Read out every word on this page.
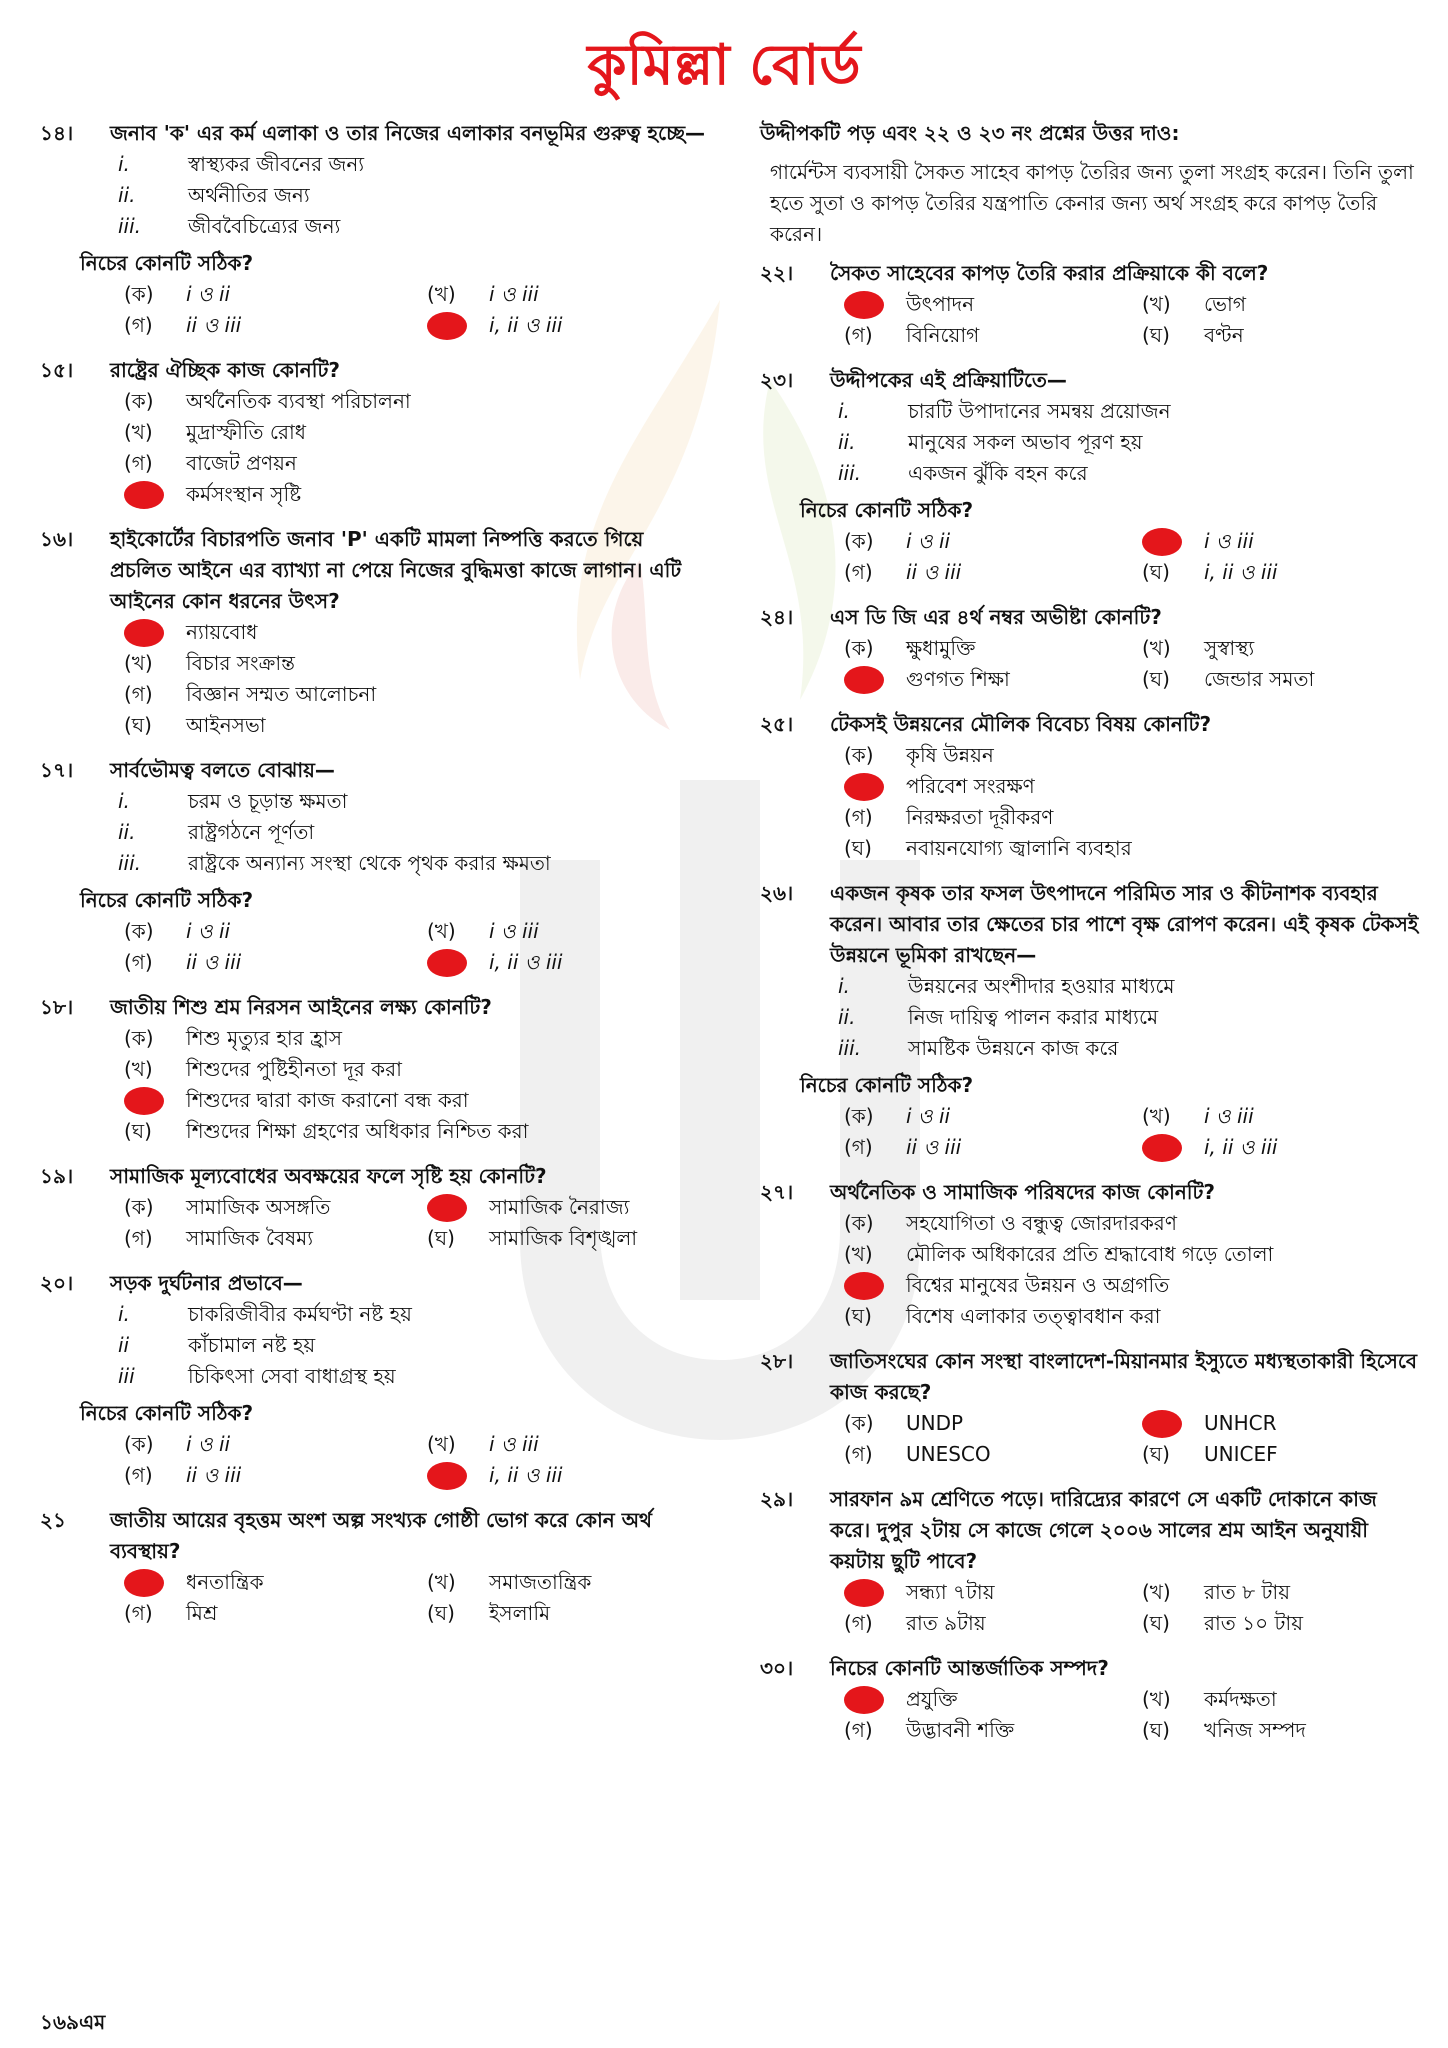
কুমিল্লা বোর্ড
১৪।	জনাব 'ক' এর কর্ম এলাকা ও তার নিজের এলাকার বনভূমির গুরুত্ব হচ্ছে—
i.	স্বাস্থ্যকর জীবনের জন্য
ii.	অর্থনীতির জন্য
iii.	জীববৈচিত্র্যের জন্য
নিচের কোনটি সঠিক?
(ক)	i ও ii	(খ)	i ও iii
(গ)	ii ও iii	i, ii ও iii
১৫।	রাষ্ট্রের ঐচ্ছিক কাজ কোনটি?
(ক)	অর্থনৈতিক ব্যবস্থা পরিচালনা
(খ)	মুদ্রাস্ফীতি রোধ
(গ)	বাজেট প্রণয়ন
কর্মসংস্থান সৃষ্টি
১৬।	হাইকোর্টের বিচারপতি জনাব 'P' একটি মামলা নিষ্পত্তি করতে গিয়ে প্রচলিত আইনে এর ব্যাখ্যা না পেয়ে নিজের বুদ্ধিমত্তা কাজে লাগান। এটি আইনের কোন ধরনের উৎস?
ন্যায়বোধ
(খ)	বিচার সংক্রান্ত
(গ)	বিজ্ঞান সম্মত আলোচনা
(ঘ)	আইনসভা
১৭।	সার্বভৌমত্ব বলতে বোঝায়—
i.	চরম ও চূড়ান্ত ক্ষমতা
ii.	রাষ্ট্রগঠনে পূর্ণতা
iii.	রাষ্ট্রকে অন্যান্য সংস্থা থেকে পৃথক করার ক্ষমতা
নিচের কোনটি সঠিক?
(ক)	i ও ii	(খ)	i ও iii
(গ)	ii ও iii	i, ii ও iii
১৮।	জাতীয় শিশু শ্রম নিরসন আইনের লক্ষ্য কোনটি?
(ক)	শিশু মৃত্যুর হার হ্রাস
(খ)	শিশুদের পুষ্টিহীনতা দূর করা
শিশুদের দ্বারা কাজ করানো বন্ধ করা
(ঘ)	শিশুদের শিক্ষা গ্রহণের অধিকার নিশ্চিত করা
১৯।	সামাজিক মূল্যবোধের অবক্ষয়ের ফলে সৃষ্টি হয় কোনটি?
(ক)	সামাজিক অসঙ্গতি	সামাজিক নৈরাজ্য
(গ)	সামাজিক বৈষম্য	(ঘ)	সামাজিক বিশৃঙ্খলা
২০।	সড়ক দুর্ঘটনার প্রভাবে—
i.	চাকরিজীবীর কর্মঘণ্টা নষ্ট হয়
ii	কাঁচামাল নষ্ট হয়
iii	চিকিৎসা সেবা বাধাগ্রস্থ হয়
নিচের কোনটি সঠিক?
(ক)	i ও ii	(খ)	i ও iii
(গ)	ii ও iii	i, ii ও iii
২১	জাতীয় আয়ের বৃহত্তম অংশ অল্প সংখ্যক গোষ্ঠী ভোগ করে কোন অর্থ ব্যবস্থায়?
ধনতান্ত্রিক	(খ)	সমাজতান্ত্রিক
(গ)	মিশ্র	(ঘ)	ইসলামি
উদ্দীপকটি পড় এবং ২২ ও ২৩ নং প্রশ্নের উত্তর দাও:
গার্মেন্টস ব্যবসায়ী সৈকত সাহেব কাপড় তৈরির জন্য তুলা সংগ্রহ করেন। তিনি তুলা হতে সুতা ও কাপড় তৈরির যন্ত্রপাতি কেনার জন্য অর্থ সংগ্রহ করে কাপড় তৈরি করেন।
২২।	সৈকত সাহেবের কাপড় তৈরি করার প্রক্রিয়াকে কী বলে?
উৎপাদন	(খ)	ভোগ
(গ)	বিনিয়োগ	(ঘ)	বণ্টন
২৩।	উদ্দীপকের এই প্রক্রিয়াটিতে—
i.	চারটি উপাদানের সমন্বয় প্রয়োজন
ii.	মানুষের সকল অভাব পূরণ হয়
iii.	একজন ঝুঁকি বহন করে
নিচের কোনটি সঠিক?
(ক)	i ও ii	i ও iii
(গ)	ii ও iii	(ঘ)	i, ii ও iii
২৪।	এস ডি জি এর ৪র্থ নম্বর অভীষ্টা কোনটি?
(ক)	ক্ষুধামুক্তি	(খ)	সুস্বাস্থ্য
গুণগত শিক্ষা	(ঘ)	জেন্ডার সমতা
২৫।	টেকসই উন্নয়নের মৌলিক বিবেচ্য বিষয় কোনটি?
(ক)	কৃষি উন্নয়ন
পরিবেশ সংরক্ষণ
(গ)	নিরক্ষরতা দূরীকরণ
(ঘ)	নবায়নযোগ্য জ্বালানি ব্যবহার
২৬।	একজন কৃষক তার ফসল উৎপাদনে পরিমিত সার ও কীটনাশক ব্যবহার করেন। আবার তার ক্ষেতের চার পাশে বৃক্ষ রোপণ করেন। এই কৃষক টেকসই উন্নয়নে ভূমিকা রাখছেন—
i.	উন্নয়নের অংশীদার হওয়ার মাধ্যমে
ii.	নিজ দায়িত্ব পালন করার মাধ্যমে
iii.	সামষ্টিক উন্নয়নে কাজ করে
নিচের কোনটি সঠিক?
(ক)	i ও ii	(খ)	i ও iii
(গ)	ii ও iii	i, ii ও iii
২৭।	অর্থনৈতিক ও সামাজিক পরিষদের কাজ কোনটি?
(ক)	সহযোগিতা ও বন্ধুত্ব জোরদারকরণ
(খ)	মৌলিক অধিকারের প্রতি শ্রদ্ধাবোধ গড়ে তোলা
বিশ্বের মানুষের উন্নয়ন ও অগ্রগতি
(ঘ)	বিশেষ এলাকার তত্ত্বাবধান করা
২৮।	জাতিসংঘের কোন সংস্থা বাংলাদেশ-মিয়ানমার ইস্যুতে মধ্যস্থতাকারী হিসেবে কাজ করছে?
(ক)	UNDP	UNHCR
(গ)	UNESCO	(ঘ)	UNICEF
২৯।	সারফান ৯ম শ্রেণিতে পড়ে। দারিদ্র্যের কারণে সে একটি দোকানে কাজ করে। দুপুর ২টায় সে কাজে গেলে ২০০৬ সালের শ্রম আইন অনুযায়ী কয়টায় ছুটি পাবে?
সন্ধ্যা ৭টায়	(খ)	রাত ৮ টায়
(গ)	রাত ৯টায়	(ঘ)	রাত ১০ টায়
৩০।	নিচের কোনটি আন্তর্জাতিক সম্পদ?
প্রযুক্তি	(খ)	কর্মদক্ষতা
(গ)	উদ্ভাবনী শক্তি	(ঘ)	খনিজ সম্পদ
১৬৯এম
